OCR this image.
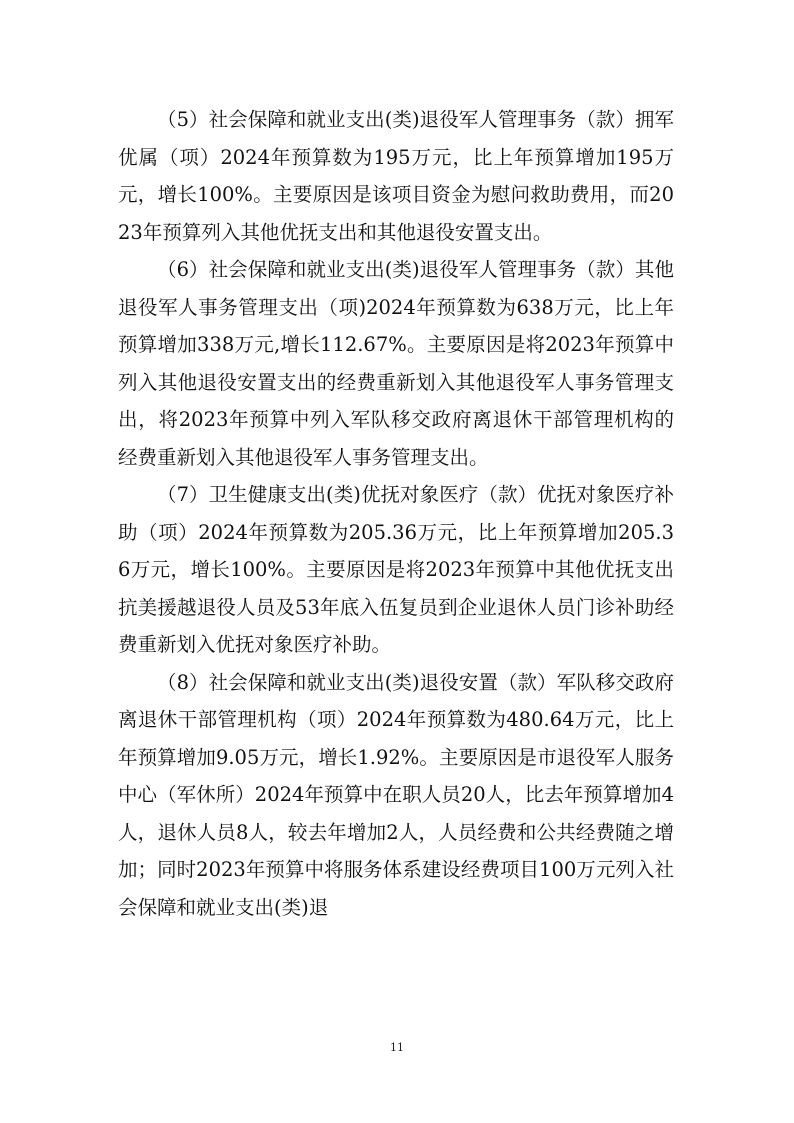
（5）社会保障和就业支出(类)退役军人管理事务（款）拥军优属（项）2024年预算数为195万元，比上年预算增加195万元，增长100%。主要原因是该项目资金为慰问救助费用，而2023年预算列入其他优抚支出和其他退役安置支出。

（6）社会保障和就业支出(类)退役军人管理事务（款）其他退役军人事务管理支出（项)2024年预算数为638万元，比上年预算增加338万元,增长112.67%。主要原因是将2023年预算中列入其他退役安置支出的经费重新划入其他退役军人事务管理支出，将2023年预算中列入军队移交政府离退休干部管理机构的经费重新划入其他退役军人事务管理支出。

（7）卫生健康支出(类)优抚对象医疗（款）优抚对象医疗补助（项）2024年预算数为205.36万元，比上年预算增加205.36万元，增长100%。主要原因是将2023年预算中其他优抚支出抗美援越退役人员及53年底入伍复员到企业退休人员门诊补助经费重新划入优抚对象医疗补助。

（8）社会保障和就业支出(类)退役安置（款）军队移交政府离退休干部管理机构（项）2024年预算数为480.64万元，比上年预算增加9.05万元，增长1.92%。主要原因是市退役军人服务中心（军休所）2024年预算中在职人员20人，比去年预算增加4人，退休人员8人，较去年增加2人，人员经费和公共经费随之增加；同时2023年预算中将服务体系建设经费项目100万元列入社会保障和就业支出(类)退

11
